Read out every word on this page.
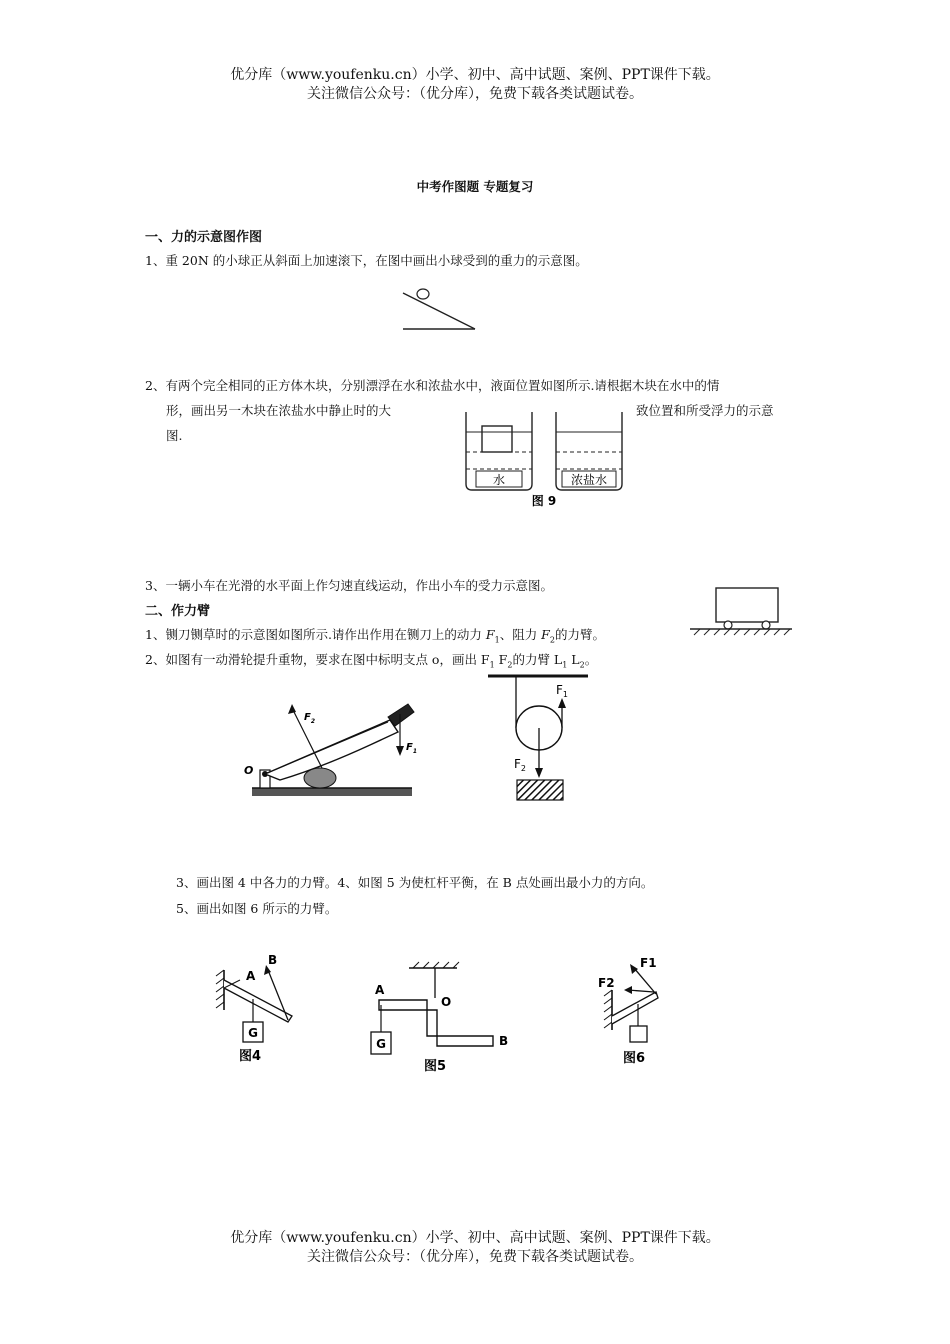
优分库（www.youfenku.cn）小学、初中、高中试题、案例、PPT课件下载。
关注微信公众号：（优分库），免费下载各类试题试卷。
中考作图题 专题复习
一、力的示意图作图
1、重 20N 的小球正从斜面上加速滚下，在图中画出小球受到的重力的示意图。
2、有两个完全相同的正方体木块，分别漂浮在水和浓盐水中，液面位置如图所示.请根据木块在水中的情
形，画出另一木块在浓盐水中静止时的大	致位置和所受浮力的示意
图.
水	浓盐水
图 9
3、一辆小车在光滑的水平面上作匀速直线运动，作出小车的受力示意图。
二、作力臂
1、铡刀铡草时的示意图如图所示.请作出作用在铡刀上的动力 $F_1$、阻力 $F_2$的力臂。
2、如图有一动滑轮提升重物，要求在图中标明支点 o，画出 $F_1$ $F_2$的力臂 $L_1$ $L_2$。
$F_2$
$F_1$
O
$F_1$
$F_2$
3、画出图 4 中各力的力臂。4、如图 5 为使杠杆平衡，在 B 点处画出最小力的方向。
5、画出如图 6 所示的力臂。
G
A
B
图4
G
A
O
B
图5
F1
F2
图6
优分库（www.youfenku.cn）小学、初中、高中试题、案例、PPT课件下载。
关注微信公众号：（优分库），免费下载各类试题试卷。
